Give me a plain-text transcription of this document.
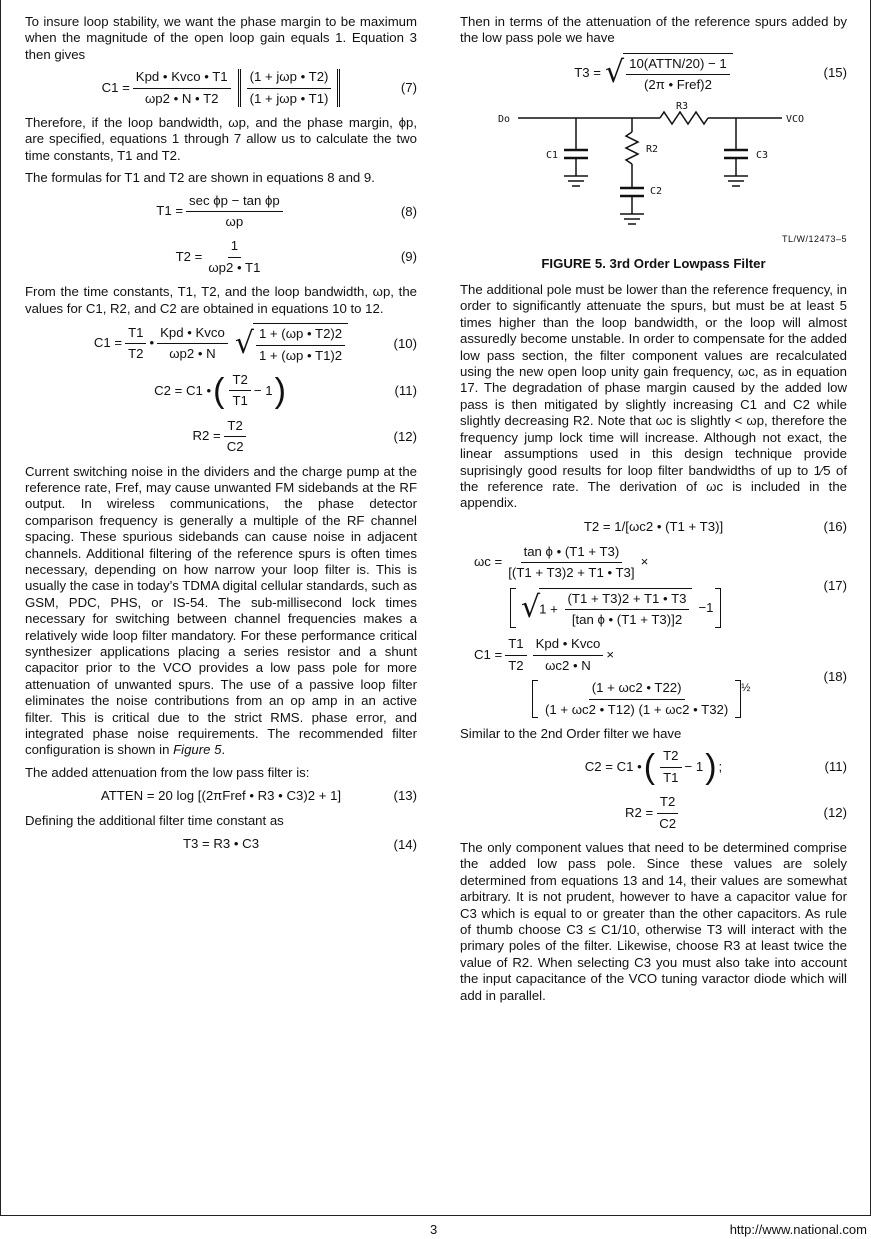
To insure loop stability, we want the phase margin to be maximum when the magnitude of the open loop gain equals 1. Equation 3 then gives

C1 =
Kpd • Kvco • T1
ωp2 • N • T2
(1 + jωp • T2)
(1 + jωp • T1)
(7)

Therefore, if the loop bandwidth, ωp, and the phase margin, ϕp, are specified, equations 1 through 7 allow us to calculate the two time constants, T1 and T2.

The formulas for T1 and T2 are shown in equations 8 and 9.

T1 =
sec ϕp − tan ϕp
ωp
(8)
$T2 = \frac{1}{\omega p2 • T1}$	(9)

From the time constants, T1, T2, and the loop bandwidth, ωp, the values for C1, R2, and C2 are obtained in equations 10 to 12.

$C1 = \frac{T1}{T2}$ •
Kpd • Kvco
ωp2 • N √ $\frac{1 + (\omega p • T2)2}{1 + (\omega p • T1)2}$	(10)
C2 = C1 • ( T2
T1
− 1 )	(11)
$R2 = \frac{T2}{C2}$	(12)

Current switching noise in the dividers and the charge pump at the reference rate, Fref, may cause unwanted FM sidebands at the RF output. In wireless communications, the phase detector comparison frequency is generally a multiple of the RF channel spacing. These spurious sidebands can cause noise in adjacent channels. Additional filtering of the reference spurs is often times necessary, depending on how narrow your loop filter is. This is usually the case in today’s TDMA digital cellular standards, such as GSM, PDC, PHS, or IS-54. The sub-millisecond lock times necessary for switching between channel frequencies makes a relatively wide loop filter mandatory. For these performance critical synthesizer applications placing a series resistor and a shunt capacitor prior to the VCO provides a low pass pole for more attenuation of unwanted spurs. The use of a passive loop filter eliminates the noise contributions from an op amp in an active filter. This is critical due to the strict RMS. phase error, and integrated phase noise requirements. The recommended filter configuration is shown in Figure 5.

The added attenuation from the low pass filter is:

ATTEN = 20 log [(2πFref • R3 • C3)2 + 1]	(13)

Defining the additional filter time constant as

T3 = R3 • C3	(14)

Then in terms of the attenuation of the reference spurs added by the low pass pole we have

T3 = √ 10(ATTN/20) − 1
(2π • Fref)2
(15)
Do
R3
VCO
C1
R2
C2
C3
TL/W/12473–5
FIGURE 5. 3rd Order Lowpass Filter

The additional pole must be lower than the reference frequency, in order to significantly attenuate the spurs, but must be at least 5 times higher than the loop bandwidth, or the loop will almost assuredly become unstable. In order to compensate for the added low pass section, the filter component values are recalculated using the new open loop unity gain frequency, ωc, as in equation 17. The degradation of phase margin caused by the added low pass is then mitigated by slightly increasing C1 and C2 while slightly decreasing R2. Note that ωc is slightly < ωp, therefore the frequency jump lock time will increase. Although not exact, the linear assumptions used in this design technique provide suprisingly good results for loop filter bandwidths of up to 1⁄5 of the reference rate. The derivation of ωc is included in the appendix.

T2 = 1/[ωc2 • (T1 + T3)]	(16)
$\omega c = \frac{\text{tan ϕ • (T1 + T3)}}{[(T1 + T3)2 + T1 • T3]}$ ×
√ $1 + \frac{(T1 + T3)2 + T1 • T3}{\text{[tan ϕ • (T1 + T3)]2}} -1$
(17)
$C1 = \frac{T1}{T2}$ Kpd • Kvco
ωc2 • N
×
(1 + ωc2 • T22)
(1 + ωc2 • T12) (1 + ωc2 • T32)
½
(18)

Similar to the 2nd Order filter we have

C2 = C1 • ( T2
T1
− 1 ) ;	(11)
$R2 = \frac{T2}{C2}$	(12)

The only component values that need to be determined comprise the added low pass pole. Since these values are solely determined from equations 13 and 14, their values are somewhat arbitrary. It is not prudent, however to have a capacitor value for C3 which is equal to or greater than the other capacitors. As rule of thumb choose C3 ≤ C1/10, otherwise T3 will interact with the primary poles of the filter. Likewise, choose R3 at least twice the value of R2. When selecting C3 you must also take into account the input capacitance of the VCO tuning varactor diode which will add in parallel.

3	http://www.national.com
